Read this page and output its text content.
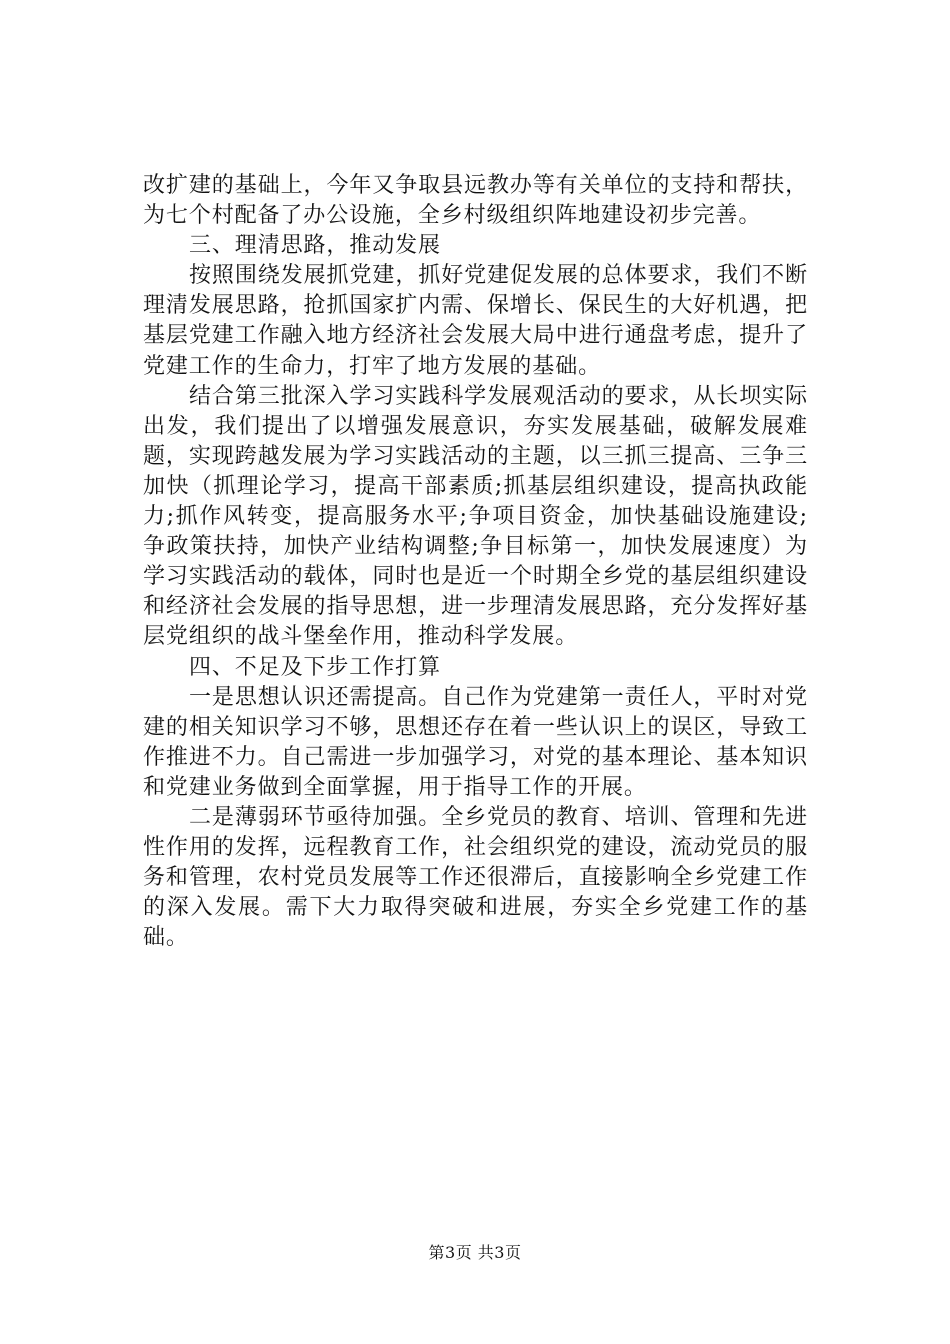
改扩建的基础上，今年又争取县远教办等有关单位的支持和帮扶，为七个村配备了办公设施，全乡村级组织阵地建设初步完善。

三、理清思路，推动发展

按照围绕发展抓党建，抓好党建促发展的总体要求，我们不断理清发展思路，抢抓国家扩内需、保增长、保民生的大好机遇，把基层党建工作融入地方经济社会发展大局中进行通盘考虑，提升了党建工作的生命力，打牢了地方发展的基础。

结合第三批深入学习实践科学发展观活动的要求，从长坝实际出发，我们提出了以增强发展意识，夯实发展基础，破解发展难题，实现跨越发展为学习实践活动的主题，以三抓三提高、三争三加快（抓理论学习，提高干部素质;抓基层组织建设，提高执政能力;抓作风转变，提高服务水平;争项目资金，加快基础设施建设;争政策扶持，加快产业结构调整;争目标第一，加快发展速度）为学习实践活动的载体，同时也是近一个时期全乡党的基层组织建设和经济社会发展的指导思想，进一步理清发展思路，充分发挥好基层党组织的战斗堡垒作用，推动科学发展。

四、不足及下步工作打算

一是思想认识还需提高。自己作为党建第一责任人，平时对党建的相关知识学习不够，思想还存在着一些认识上的误区，导致工作推进不力。自己需进一步加强学习，对党的基本理论、基本知识和党建业务做到全面掌握，用于指导工作的开展。

二是薄弱环节亟待加强。全乡党员的教育、培训、管理和先进性作用的发挥，远程教育工作，社会组织党的建设，流动党员的服务和管理，农村党员发展等工作还很滞后，直接影响全乡党建工作的深入发展。需下大力取得突破和进展，夯实全乡党建工作的基础。

第3页 共3页
